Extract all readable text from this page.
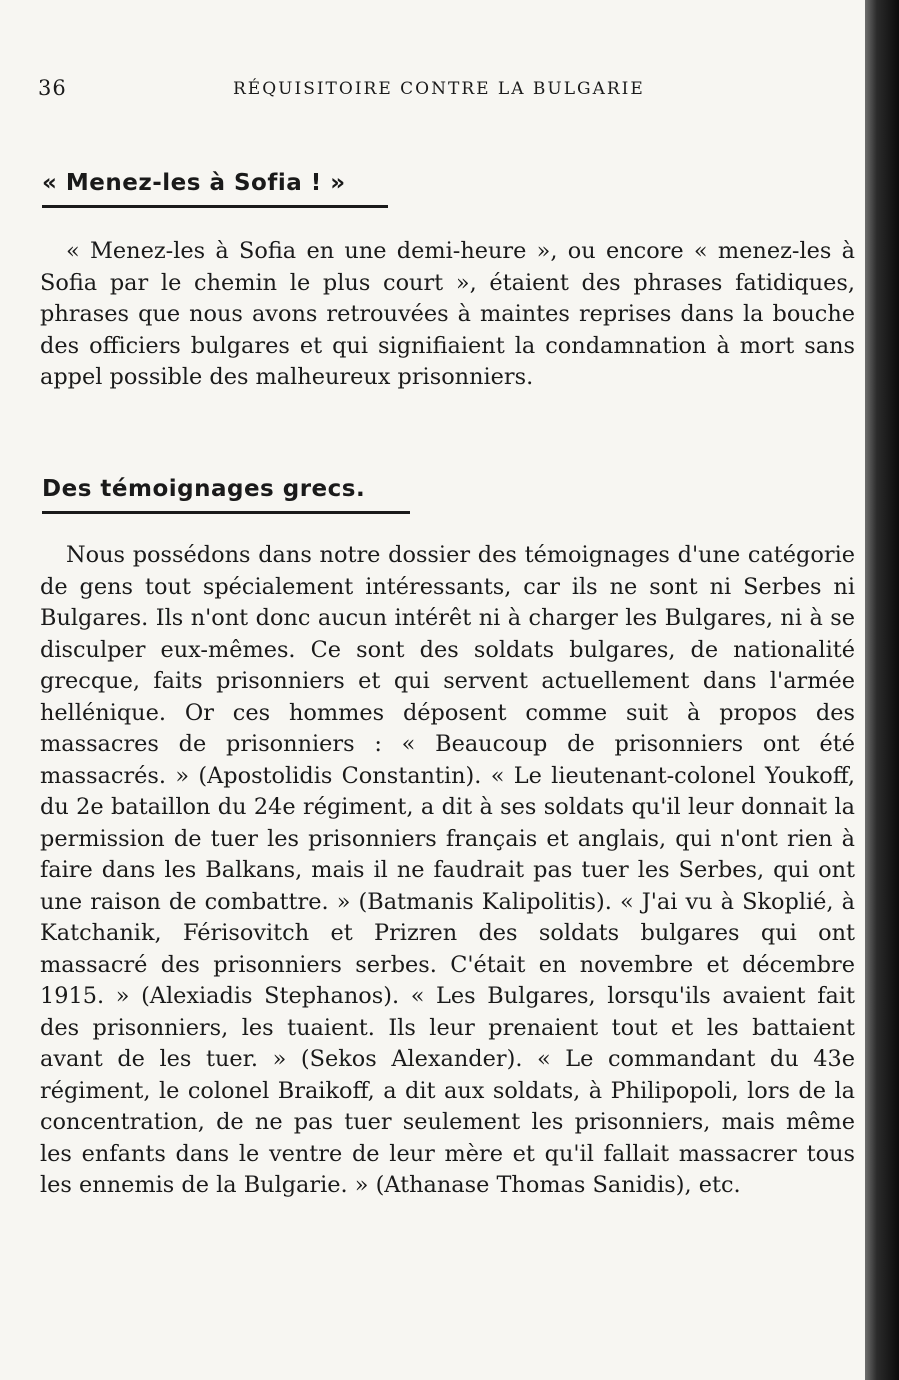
36	RÉQUISITOIRE CONTRE LA BULGARIE
« Menez-les à Sofia ! »

« Menez-les à Sofia en une demi-heure », ou encore « menez-les à Sofia par le chemin le plus court », étaient des phrases fatidiques, phrases que nous avons retrouvées à maintes reprises dans la bouche des officiers bulgares et qui signifiaient la condamnation à mort sans appel possible des malheureux prisonniers.

Des témoignages grecs.

Nous possédons dans notre dossier des témoignages d'une catégorie de gens tout spécialement intéressants, car ils ne sont ni Serbes ni Bulgares. Ils n'ont donc aucun intérêt ni à charger les Bulgares, ni à se disculper eux-mêmes. Ce sont des soldats bulgares, de nationalité grecque, faits prisonniers et qui servent actuellement dans l'armée hellénique. Or ces hommes déposent comme suit à propos des massacres de prisonniers : « Beaucoup de prisonniers ont été massacrés. » (Apostolidis Constantin). « Le lieutenant-colonel Youkoff, du 2e bataillon du 24e régiment, a dit à ses soldats qu'il leur donnait la permission de tuer les prisonniers français et anglais, qui n'ont rien à faire dans les Balkans, mais il ne faudrait pas tuer les Serbes, qui ont une raison de combattre. » (Batmanis Kalipolitis). « J'ai vu à Skoplié, à Katchanik, Férisovitch et Prizren des soldats bulgares qui ont massacré des prisonniers serbes. C'était en novembre et décembre 1915. » (Alexiadis Stephanos). « Les Bulgares, lorsqu'ils avaient fait des prisonniers, les tuaient. Ils leur prenaient tout et les battaient avant de les tuer. » (Sekos Alexander). « Le commandant du 43e régiment, le colonel Braikoff, a dit aux soldats, à Philipopoli, lors de la concentration, de ne pas tuer seulement les prisonniers, mais même les enfants dans le ventre de leur mère et qu'il fallait massacrer tous les ennemis de la Bulgarie. » (Athanase Thomas Sanidis), etc.
